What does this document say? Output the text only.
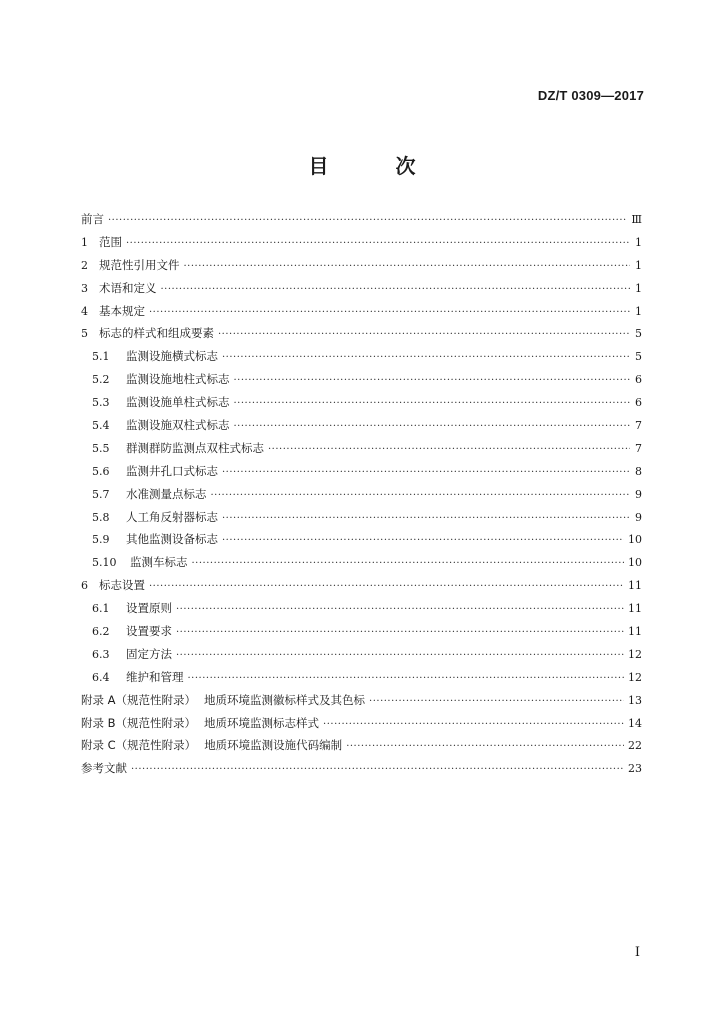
DZ/T 0309—2017
目 次
前言 ·····	Ⅲ
1 范围 ·····	1
2 规范性引用文件 ·····	1
3 术语和定义 ·····	1
4 基本规定 ·····	1
5 标志的样式和组成要素 ·····	5
5.1	监测设施横式标志 ·····	5
5.2	监测设施地柱式标志 ·····	6
5.3	监测设施单柱式标志 ·····	6
5.4	监测设施双柱式标志 ·····	7
5.5	群测群防监测点双柱式标志 ·····	7
5.6	监测井孔口式标志 ·····	8
5.7	水准测量点标志 ·····	9
5.8	人工角反射器标志 ·····	9
5.9	其他监测设备标志 ·····	10
5.10	监测车标志 ·····	10
6 标志设置 ·····	11
6.1	设置原则 ·····	11
6.2	设置要求 ·····	11
6.3	固定方法 ·····	12
6.4	维护和管理 ·····	12
附录 A（规范性附录） 地质环境监测徽标样式及其色标 ·····	13
附录 B（规范性附录） 地质环境监测标志样式 ·····	14
附录 C（规范性附录） 地质环境监测设施代码编制 ·····	22
参考文献 ·····	23
I
